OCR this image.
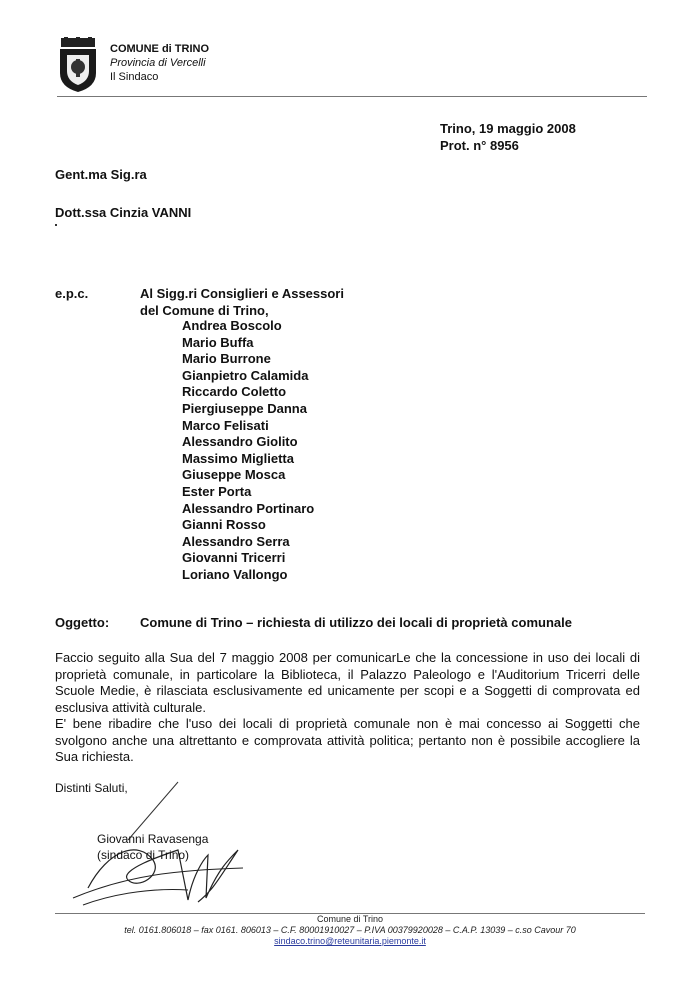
COMUNE di TRINO
Provincia di Vercelli
Il Sindaco
Trino, 19 maggio 2008
Prot. n° 8956
Gent.ma Sig.ra
Dott.ssa Cinzia VANNI
e.p.c.	Al Sigg.ri Consiglieri e Assessori
del Comune di Trino,
Andrea Boscolo
Mario Buffa
Mario Burrone
Gianpietro Calamida
Riccardo Coletto
Piergiuseppe Danna
Marco Felisati
Alessandro Giolito
Massimo Miglietta
Giuseppe Mosca
Ester Porta
Alessandro Portinaro
Gianni Rosso
Alessandro Serra
Giovanni Tricerri
Loriano Vallongo
Oggetto: Comune di Trino – richiesta di utilizzo dei locali di proprietà comunale

Faccio seguito alla Sua del 7 maggio 2008 per comunicarLe che la concessione in uso dei locali di proprietà comunale, in particolare la Biblioteca, il Palazzo Paleologo e l'Auditorium Tricerri delle Scuole Medie, è rilasciata esclusivamente ed unicamente per scopi e a Soggetti di comprovata ed esclusiva attività culturale.

E' bene ribadire che l'uso dei locali di proprietà comunale non è mai concesso ai Soggetti che svolgono anche una altrettanto e comprovata attività politica; pertanto non è possibile accogliere la Sua richiesta.

Distinti Saluti,
Giovanni Ravasenga
(sindaco di Trino)
Comune di Trino
tel. 0161.806018 – fax 0161. 806013 – C.F. 80001910027 – P.IVA 00379920028 – C.A.P. 13039 – c.so Cavour 70
sindaco.trino@reteunitaria.piemonte.it
